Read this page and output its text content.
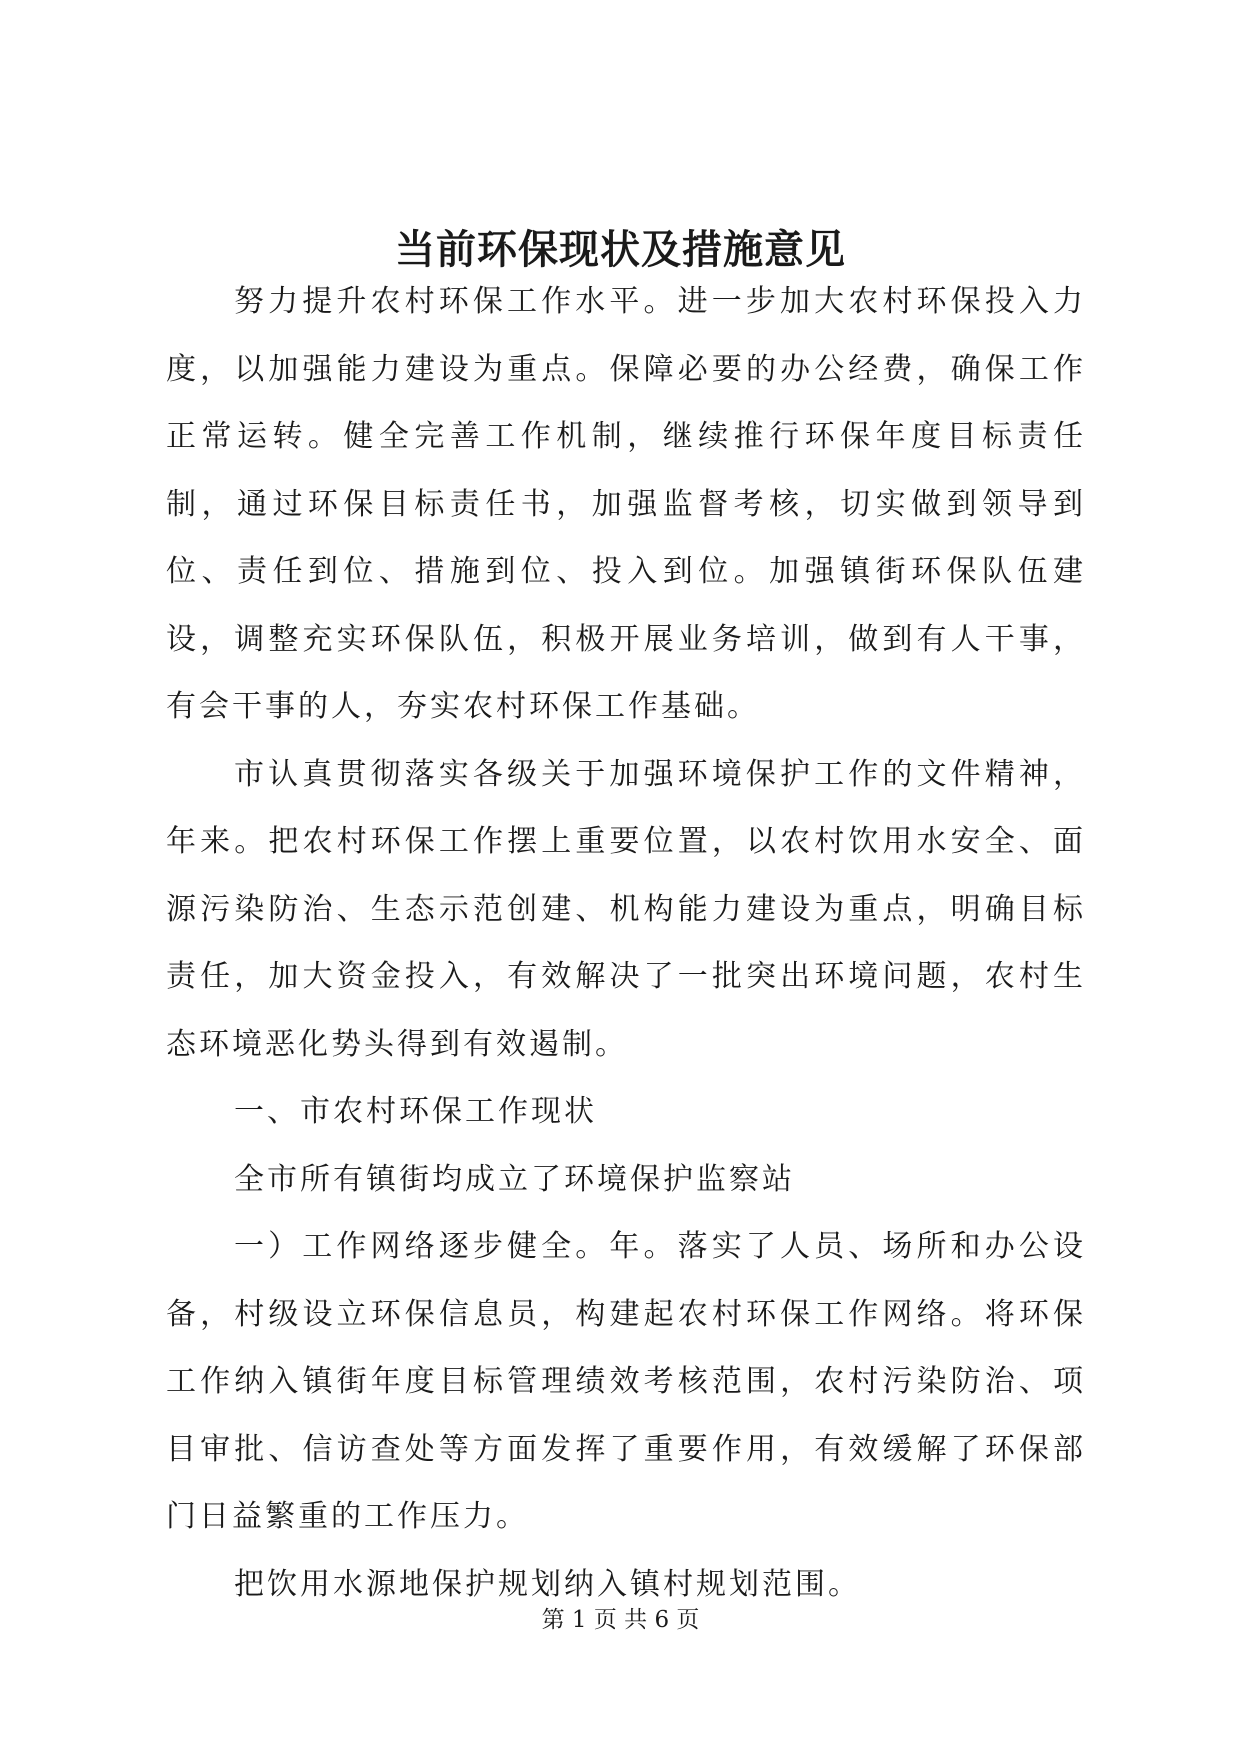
当前环保现状及措施意见

努力提升农村环保工作水平。进一步加大农村环保投入力度，以加强能力建设为重点。保障必要的办公经费，确保工作正常运转。健全完善工作机制，继续推行环保年度目标责任制，通过环保目标责任书，加强监督考核，切实做到领导到位、责任到位、措施到位、投入到位。加强镇街环保队伍建设，调整充实环保队伍，积极开展业务培训，做到有人干事，有会干事的人，夯实农村环保工作基础。

市认真贯彻落实各级关于加强环境保护工作的文件精神，年来。把农村环保工作摆上重要位置，以农村饮用水安全、面源污染防治、生态示范创建、机构能力建设为重点，明确目标责任，加大资金投入，有效解决了一批突出环境问题，农村生态环境恶化势头得到有效遏制。

一、市农村环保工作现状

全市所有镇街均成立了环境保护监察站

一）工作网络逐步健全。年。落实了人员、场所和办公设备，村级设立环保信息员，构建起农村环保工作网络。将环保工作纳入镇街年度目标管理绩效考核范围，农村污染防治、项目审批、信访查处等方面发挥了重要作用，有效缓解了环保部门日益繁重的工作压力。

把饮用水源地保护规划纳入镇村规划范围。

第 1 页 共 6 页
